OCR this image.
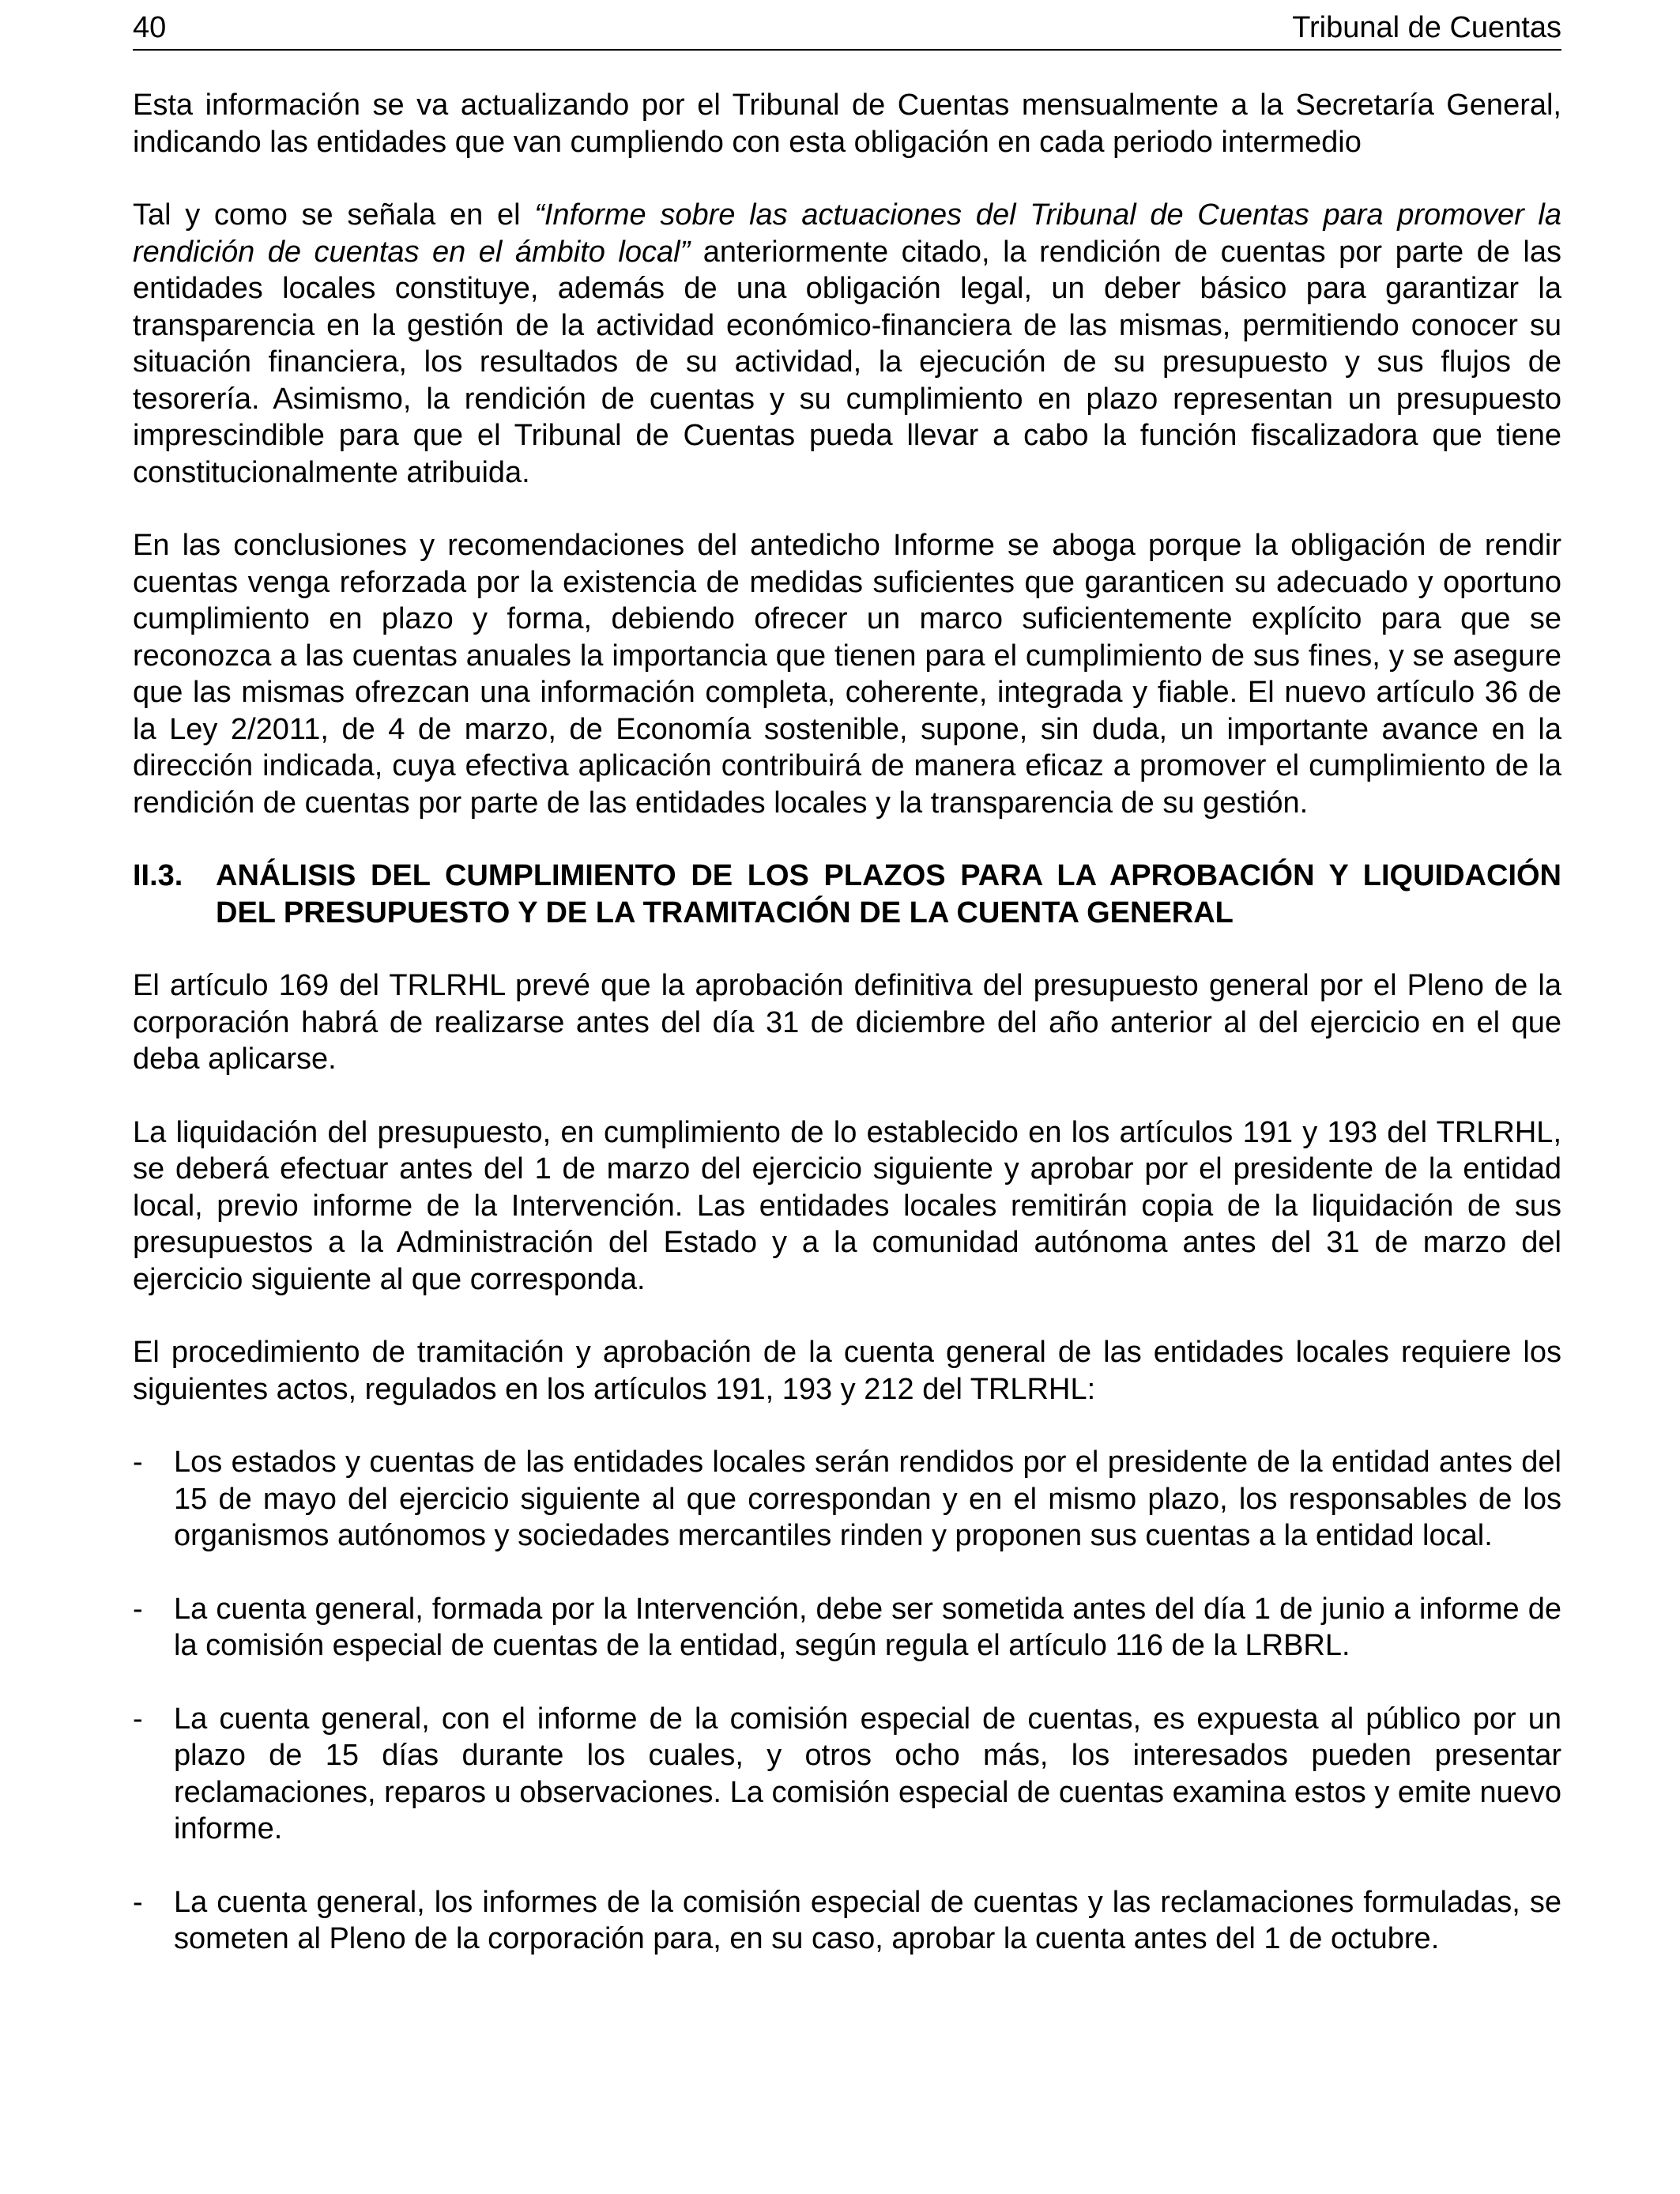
40	Tribunal de Cuentas

Esta información se va actualizando por el Tribunal de Cuentas mensualmente a la Secretaría General, indicando las entidades que van cumpliendo con esta obligación en cada periodo intermedio

Tal y como se señala en el “Informe sobre las actuaciones del Tribunal de Cuentas para promover la rendición de cuentas en el ámbito local” anteriormente citado, la rendición de cuentas por parte de las entidades locales constituye, además de una obligación legal, un deber básico para garantizar la transparencia en la gestión de la actividad económico-financiera de las mismas, permitiendo conocer su situación financiera, los resultados de su actividad, la ejecución de su presupuesto y sus flujos de tesorería. Asimismo, la rendición de cuentas y su cumplimiento en plazo representan un presupuesto imprescindible para que el Tribunal de Cuentas pueda llevar a cabo la función fiscalizadora que tiene constitucionalmente atribuida.

En las conclusiones y recomendaciones del antedicho Informe se aboga porque la obligación de rendir cuentas venga reforzada por la existencia de medidas suficientes que garanticen su adecuado y oportuno cumplimiento en plazo y forma, debiendo ofrecer un marco suficientemente explícito para que se reconozca a las cuentas anuales la importancia que tienen para el cumplimiento de sus fines, y se asegure que las mismas ofrezcan una información completa, coherente, integrada y fiable. El nuevo artículo 36 de la Ley 2/2011, de 4 de marzo, de Economía sostenible, supone, sin duda, un importante avance en la dirección indicada, cuya efectiva aplicación contribuirá de manera eficaz a promover el cumplimiento de la rendición de cuentas por parte de las entidades locales y la transparencia de su gestión.

II.3.	ANÁLISIS DEL CUMPLIMIENTO DE LOS PLAZOS PARA LA APROBACIÓN Y LIQUIDACIÓN DEL PRESUPUESTO Y DE LA TRAMITACIÓN DE LA CUENTA GENERAL

El artículo 169 del TRLRHL prevé que la aprobación definitiva del presupuesto general por el Pleno de la corporación habrá de realizarse antes del día 31 de diciembre del año anterior al del ejercicio en el que deba aplicarse.

La liquidación del presupuesto, en cumplimiento de lo establecido en los artículos 191 y 193 del TRLRHL, se deberá efectuar antes del 1 de marzo del ejercicio siguiente y aprobar por el presidente de la entidad local, previo informe de la Intervención. Las entidades locales remitirán copia de la liquidación de sus presupuestos a la Administración del Estado y a la comunidad autónoma antes del 31 de marzo del ejercicio siguiente al que corresponda.

El procedimiento de tramitación y aprobación de la cuenta general de las entidades locales requiere los siguientes actos, regulados en los artículos 191, 193 y 212 del TRLRHL:

-	Los estados y cuentas de las entidades locales serán rendidos por el presidente de la entidad antes del 15 de mayo del ejercicio siguiente al que correspondan y en el mismo plazo, los responsables de los organismos autónomos y sociedades mercantiles rinden y proponen sus cuentas a la entidad local.
-	La cuenta general, formada por la Intervención, debe ser sometida antes del día 1 de junio a informe de la comisión especial de cuentas de la entidad, según regula el artículo 116 de la LRBRL.
-	La cuenta general, con el informe de la comisión especial de cuentas, es expuesta al público por un plazo de 15 días durante los cuales, y otros ocho más, los interesados pueden presentar reclamaciones, reparos u observaciones. La comisión especial de cuentas examina estos y emite nuevo informe.
-	La cuenta general, los informes de la comisión especial de cuentas y las reclamaciones formuladas, se someten al Pleno de la corporación para, en su caso, aprobar la cuenta antes del 1 de octubre.
